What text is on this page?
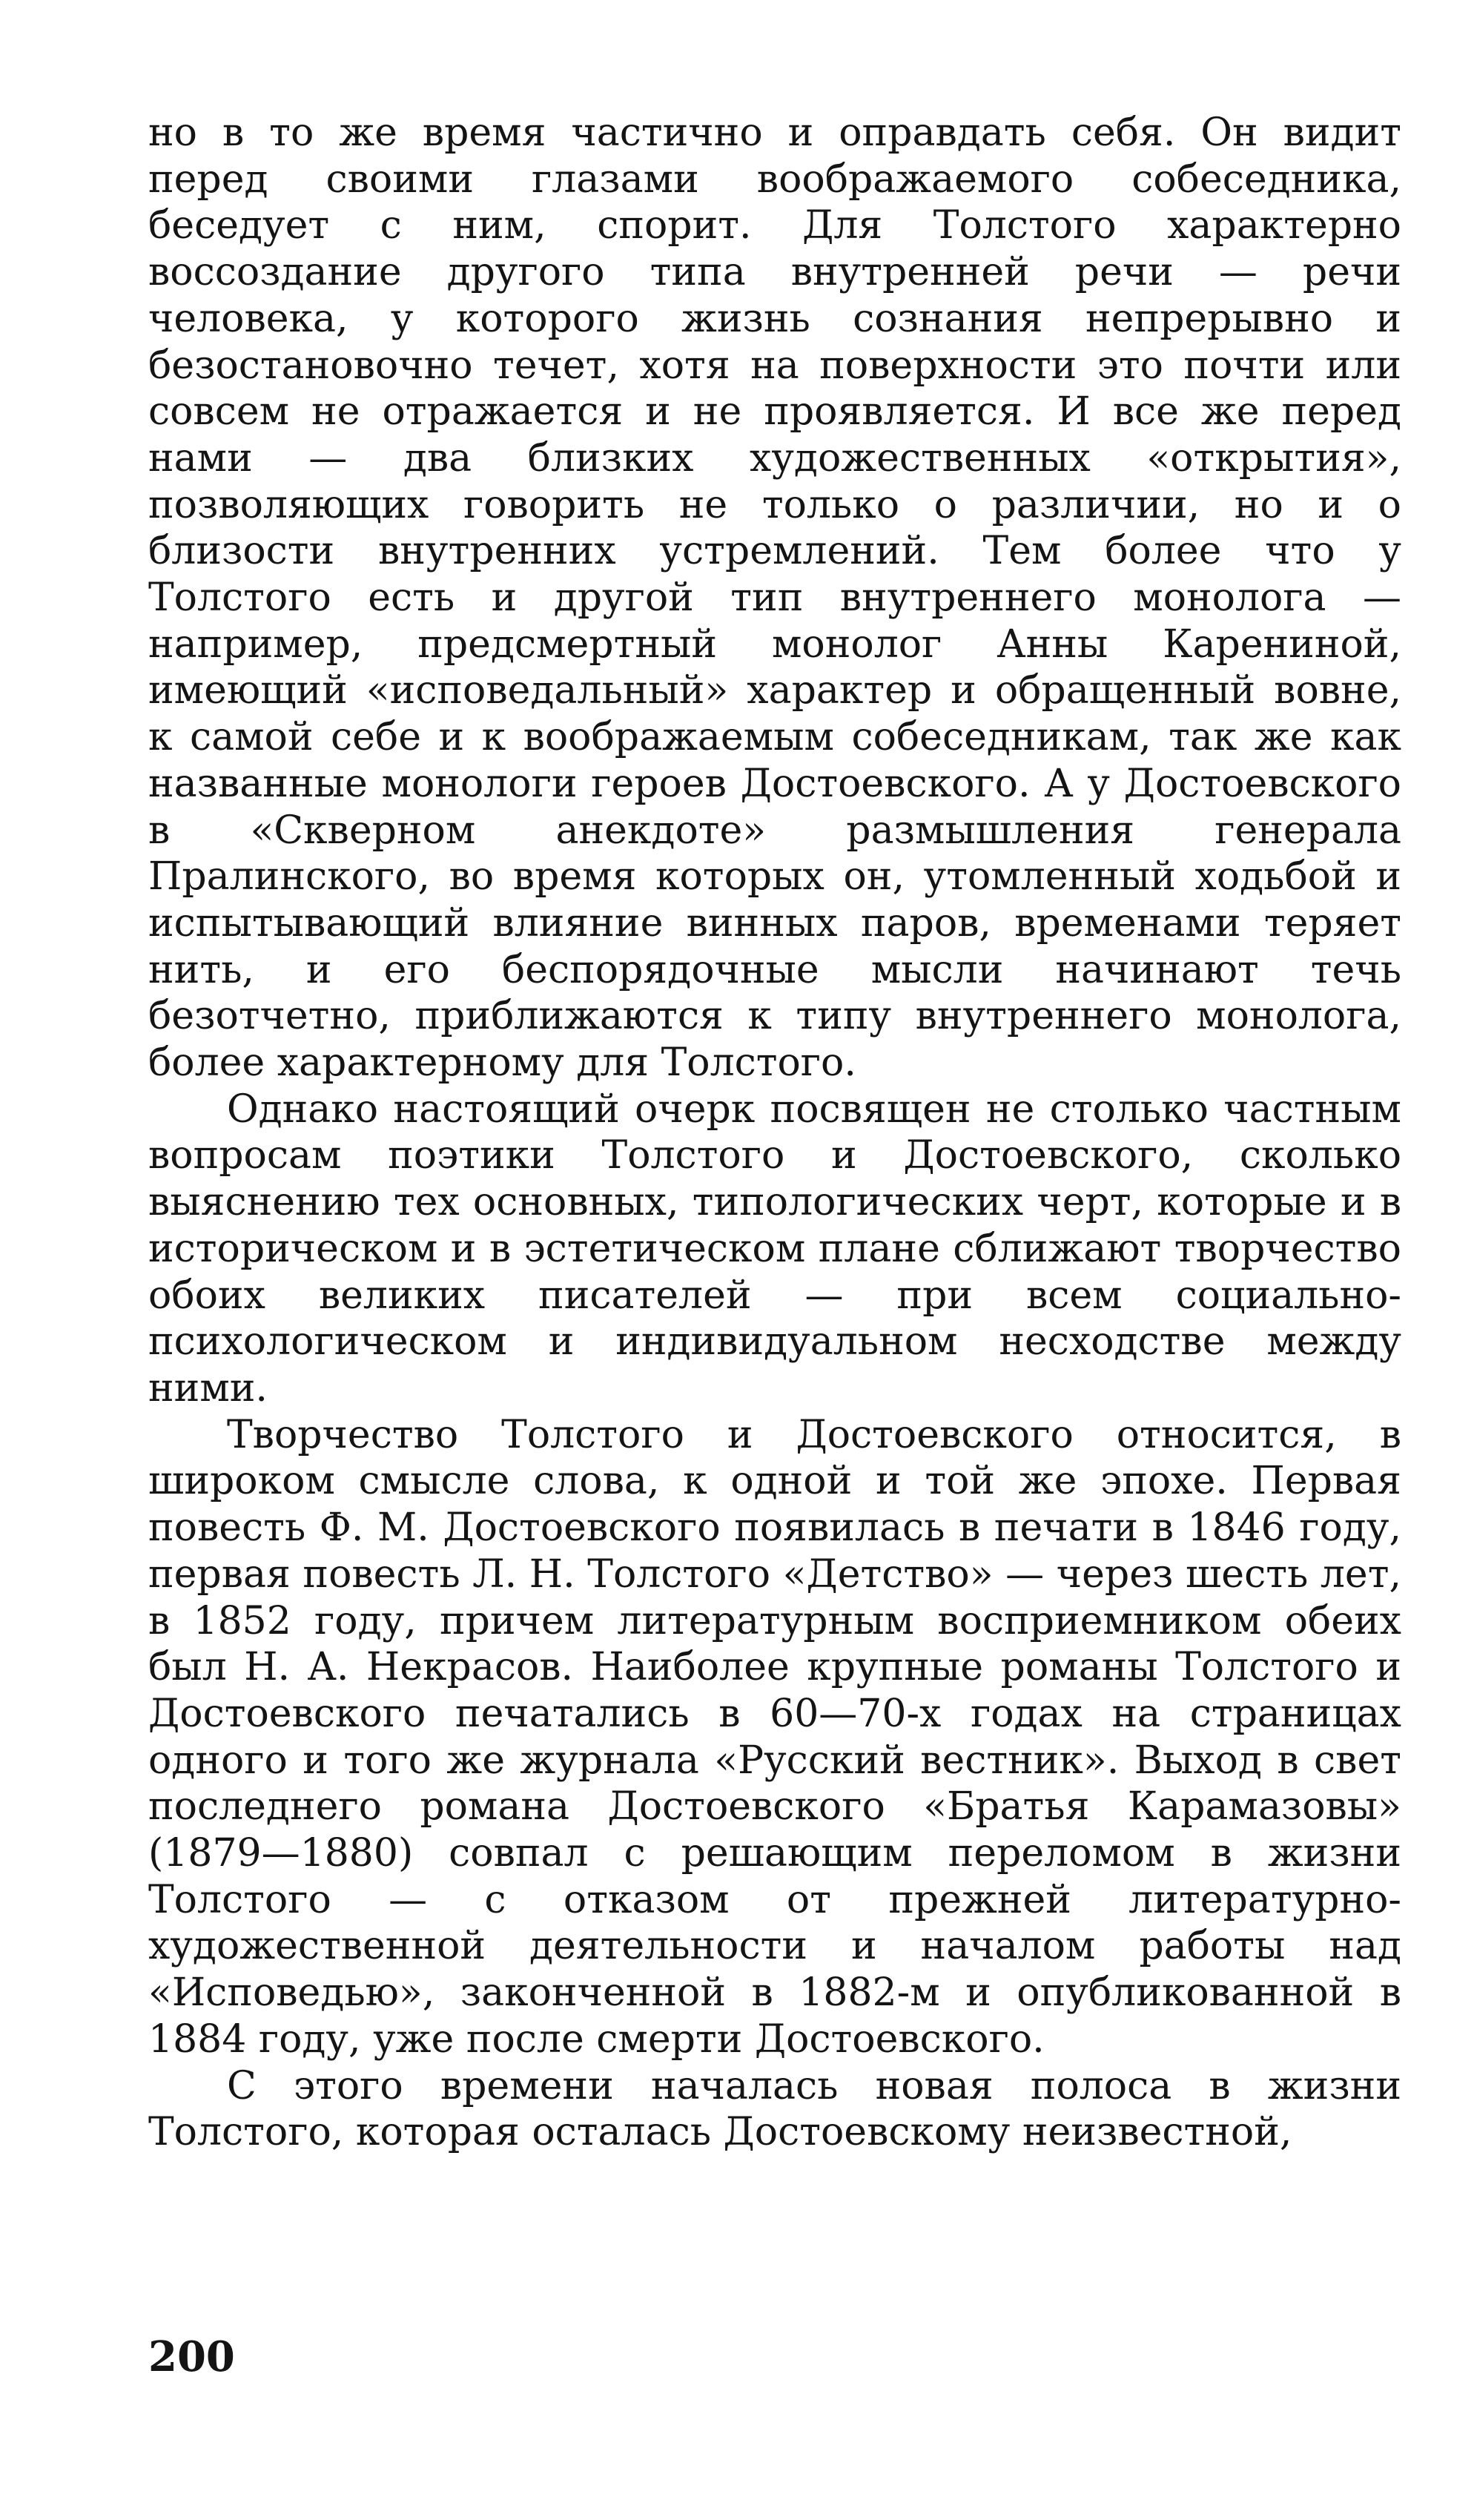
но в то же время частично и оправдать себя. Он видит перед своими глазами воображаемого собеседника, беседует с ним, спорит. Для Толстого характерно воссоздание другого типа внутренней речи — речи человека, у которого жизнь сознания непрерывно и безостановочно течет, хотя на поверхности это почти или совсем не отражается и не проявляется. И все же перед нами — два близких художественных «открытия», позволяющих говорить не только о различии, но и о близости внутренних устремлений. Тем более что у Толстого есть и другой тип внутреннего монолога — например, предсмертный монолог Анны Карениной, имеющий «исповедальный» характер и обращенный вовне, к самой себе и к воображаемым собеседникам, так же как названные монологи героев Достоевского. А у Достоевского в «Скверном анекдоте» размышления генерала Пралинского, во время которых он, утомленный ходьбой и испытывающий влияние винных паров, временами теряет нить, и его беспорядочные мысли начинают течь безотчетно, приближаются к типу внутреннего монолога, более характерному для Толстого.

Однако настоящий очерк посвящен не столько частным вопросам поэтики Толстого и Достоевского, сколько выяснению тех основных, типологических черт, которые и в историческом и в эстетическом плане сближают творчество обоих великих писателей — при всем социально-психологическом и индивидуальном несходстве между ними.

Творчество Толстого и Достоевского относится, в широком смысле слова, к одной и той же эпохе. Первая повесть Ф. М. Достоевского появилась в печати в 1846 году, первая повесть Л. Н. Толстого «Детство» — через шесть лет, в 1852 году, причем литературным восприемником обеих был Н. А. Некрасов. Наиболее крупные романы Толстого и Достоевского печатались в 60—70-х годах на страницах одного и того же журнала «Русский вестник». Выход в свет последнего романа Достоевского «Братья Карамазовы» (1879—1880) совпал с решающим переломом в жизни Толстого — с отказом от прежней литературно-художественной деятельности и началом работы над «Исповедью», законченной в 1882-м и опубликованной в 1884 году, уже после смерти Достоевского.

С этого времени началась новая полоса в жизни Толстого, которая осталась Достоевскому неизвестной,

200
